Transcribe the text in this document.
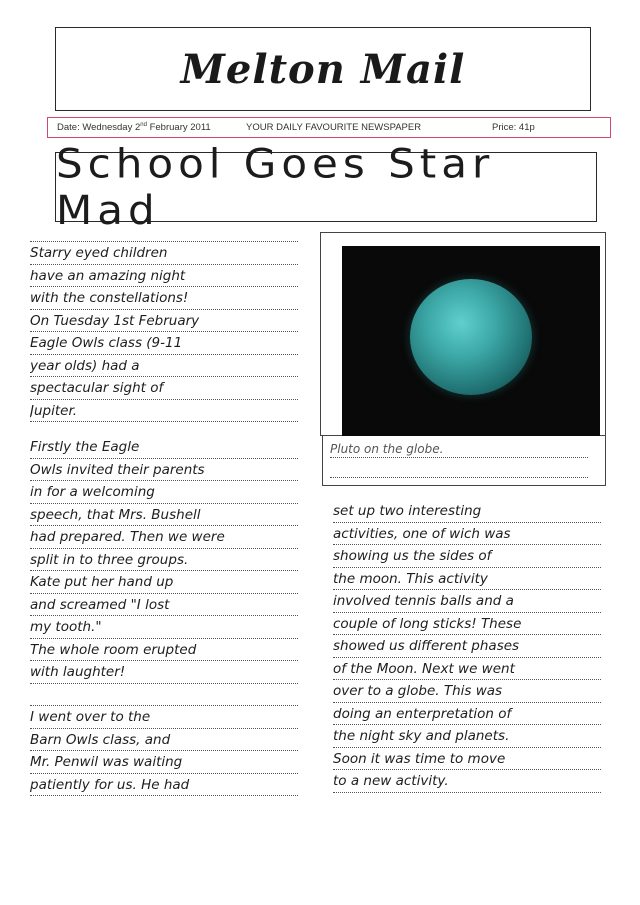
Melton Mail
Date: Wednesday 2nd February 2011	YOUR DAILY FAVOURITE NEWSPAPER	Price: 41p
School Goes Star Mad
Starry eyed children
have an amazing night
with the constellations!
On Tuesday 1st February
Eagle Owls class (9-11
year olds) had a
spectacular sight of
Jupiter.
Firstly the Eagle
Owls invited their parents
in for a welcoming
speech, that Mrs. Bushell
had prepared. Then we were
split in to three groups.
Kate put her hand up
and screamed "I lost
my tooth."
The whole room erupted
with laughter!
I went over to the
Barn Owls class, and
Mr. Penwil was waiting
patiently for us. He had
Pluto on the globe.
set up two interesting
activities, one of wich was
showing us the sides of
the moon. This activity
involved tennis balls and a
couple of long sticks! These
showed us different phases
of the Moon. Next we went
over to a globe. This was
doing an enterpretation of
the night sky and planets.
Soon it was time to move
to a new activity.
